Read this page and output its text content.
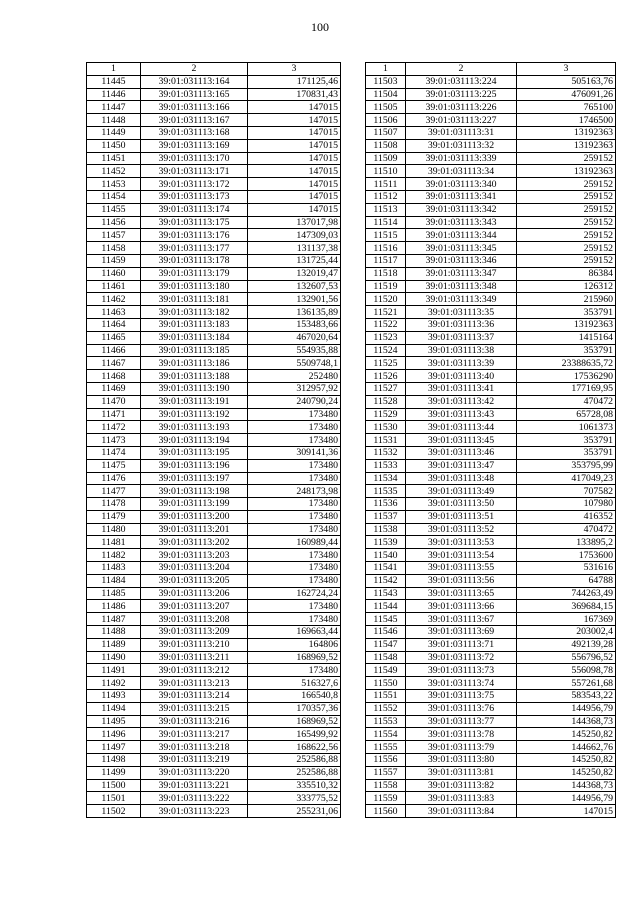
100
1	2	3
11445	39:01:031113:164	171125,46
11446	39:01:031113:165	170831,43
11447	39:01:031113:166	147015
11448	39:01:031113:167	147015
11449	39:01:031113:168	147015
11450	39:01:031113:169	147015
11451	39:01:031113:170	147015
11452	39:01:031113:171	147015
11453	39:01:031113:172	147015
11454	39:01:031113:173	147015
11455	39:01:031113:174	147015
11456	39:01:031113:175	137017,98
11457	39:01:031113:176	147309,03
11458	39:01:031113:177	131137,38
11459	39:01:031113:178	131725,44
11460	39:01:031113:179	132019,47
11461	39:01:031113:180	132607,53
11462	39:01:031113:181	132901,56
11463	39:01:031113:182	136135,89
11464	39:01:031113:183	153483,66
11465	39:01:031113:184	467020,64
11466	39:01:031113:185	554935,88
11467	39:01:031113:186	5509748,1
11468	39:01:031113:188	252480
11469	39:01:031113:190	312957,92
11470	39:01:031113:191	240790,24
11471	39:01:031113:192	173480
11472	39:01:031113:193	173480
11473	39:01:031113:194	173480
11474	39:01:031113:195	309141,36
11475	39:01:031113:196	173480
11476	39:01:031113:197	173480
11477	39:01:031113:198	248173,98
11478	39:01:031113:199	173480
11479	39:01:031113:200	173480
11480	39:01:031113:201	173480
11481	39:01:031113:202	160989,44
11482	39:01:031113:203	173480
11483	39:01:031113:204	173480
11484	39:01:031113:205	173480
11485	39:01:031113:206	162724,24
11486	39:01:031113:207	173480
11487	39:01:031113:208	173480
11488	39:01:031113:209	169663,44
11489	39:01:031113:210	164806
11490	39:01:031113:211	168969,52
11491	39:01:031113:212	173480
11492	39:01:031113:213	516327,6
11493	39:01:031113:214	166540,8
11494	39:01:031113:215	170357,36
11495	39:01:031113:216	168969,52
11496	39:01:031113:217	165499,92
11497	39:01:031113:218	168622,56
11498	39:01:031113:219	252586,88
11499	39:01:031113:220	252586,88
11500	39:01:031113:221	335510,32
11501	39:01:031113:222	333775,52
11502	39:01:031113:223	255231,06
1	2	3
11503	39:01:031113:224	505163,76
11504	39:01:031113:225	476091,26
11505	39:01:031113:226	765100
11506	39:01:031113:227	1746500
11507	39:01:031113:31	13192363
11508	39:01:031113:32	13192363
11509	39:01:031113:339	259152
11510	39:01:031113:34	13192363
11511	39:01:031113:340	259152
11512	39:01:031113:341	259152
11513	39:01:031113:342	259152
11514	39:01:031113:343	259152
11515	39:01:031113:344	259152
11516	39:01:031113:345	259152
11517	39:01:031113:346	259152
11518	39:01:031113:347	86384
11519	39:01:031113:348	126312
11520	39:01:031113:349	215960
11521	39:01:031113:35	353791
11522	39:01:031113:36	13192363
11523	39:01:031113:37	1415164
11524	39:01:031113:38	353791
11525	39:01:031113:39	23388635,72
11526	39:01:031113:40	17536290
11527	39:01:031113:41	177169,95
11528	39:01:031113:42	470472
11529	39:01:031113:43	65728,08
11530	39:01:031113:44	1061373
11531	39:01:031113:45	353791
11532	39:01:031113:46	353791
11533	39:01:031113:47	353795,99
11534	39:01:031113:48	417049,23
11535	39:01:031113:49	707582
11536	39:01:031113:50	107980
11537	39:01:031113:51	416352
11538	39:01:031113:52	470472
11539	39:01:031113:53	133895,2
11540	39:01:031113:54	1753600
11541	39:01:031113:55	531616
11542	39:01:031113:56	64788
11543	39:01:031113:65	744263,49
11544	39:01:031113:66	369684,15
11545	39:01:031113:67	167369
11546	39:01:031113:69	203002,4
11547	39:01:031113:71	492139,28
11548	39:01:031113:72	556796,52
11549	39:01:031113:73	556098,78
11550	39:01:031113:74	557261,68
11551	39:01:031113:75	583543,22
11552	39:01:031113:76	144956,79
11553	39:01:031113:77	144368,73
11554	39:01:031113:78	145250,82
11555	39:01:031113:79	144662,76
11556	39:01:031113:80	145250,82
11557	39:01:031113:81	145250,82
11558	39:01:031113:82	144368,73
11559	39:01:031113:83	144956,79
11560	39:01:031113:84	147015
